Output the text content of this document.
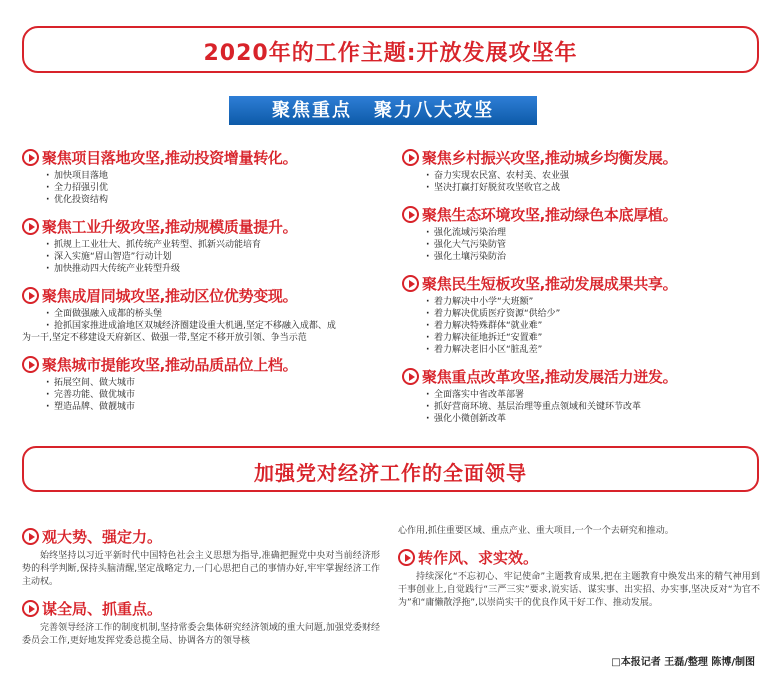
2020年的工作主题:开放发展攻坚年
聚焦重点 聚力八大攻坚
聚焦项目落地攻坚,推动投资增量转化。
· 加快项目落地
· 全力招强引优
· 优化投资结构
聚焦工业升级攻坚,推动规模质量提升。
· 抓规上工业壮大、抓传统产业转型、抓新兴动能培育
· 深入实施“眉山智造”行动计划
· 加快推动四大传统产业转型升级
聚焦成眉同城攻坚,推动区位优势变现。
· 全面做强融入成都的桥头堡
· 抢抓国家推进成渝地区双城经济圈建设重大机遇,坚定不移融入成都、成
为一干,坚定不移建设天府新区、做强一带,坚定不移开放引领、争当示范
聚焦城市提能攻坚,推动品质品位上档。
· 拓展空间、做大城市
· 完善功能、做优城市
· 塑造品牌、做靓城市
聚焦乡村振兴攻坚,推动城乡均衡发展。
· 奋力实现农民富、农村美、农业强
· 坚决打赢打好脱贫攻坚收官之战
聚焦生态环境攻坚,推动绿色本底厚植。
· 强化流域污染治理
· 强化大气污染防管
· 强化土壤污染防治
聚焦民生短板攻坚,推动发展成果共享。
· 着力解决中小学“大班额”
· 着力解决优质医疗资源“供给少”
· 着力解决特殊群体“就业难”
· 着力解决征地拆迁“安置难”
· 着力解决老旧小区“脏乱差”
聚焦重点改革攻坚,推动发展活力迸发。
· 全面落实中省改革部署
· 抓好营商环境、基层治理等重点领域和关键环节改革
· 强化小微创新改革
加强党对经济工作的全面领导
观大势、强定力。
始终坚持以习近平新时代中国特色社会主义思想为指导,准确把握党中央对当前经济形势的科学判断,保持头脑清醒,坚定战略定力,一门心思把自己的事情办好,牢牢掌握经济工作主动权。
谋全局、抓重点。
完善领导经济工作的制度机制,坚持常委会集体研究经济领域的重大问题,加强党委财经委员会工作,更好地发挥党委总揽全局、协调各方的领导核
心作用,抓住重要区域、重点产业、重大项目,一个一个去研究和推动。
转作风、求实效。
持续深化“不忘初心、牢记使命”主题教育成果,把在主题教育中焕发出来的精气神用到干事创业上,自觉践行“三严三实”要求,说实话、谋实事、出实招、办实事,坚决反对“为官不为”和“庸懒散浮拖”,以崇尚实干的优良作风干好工作、推动发展。
□本报记者 王磊/整理 陈博/制图
